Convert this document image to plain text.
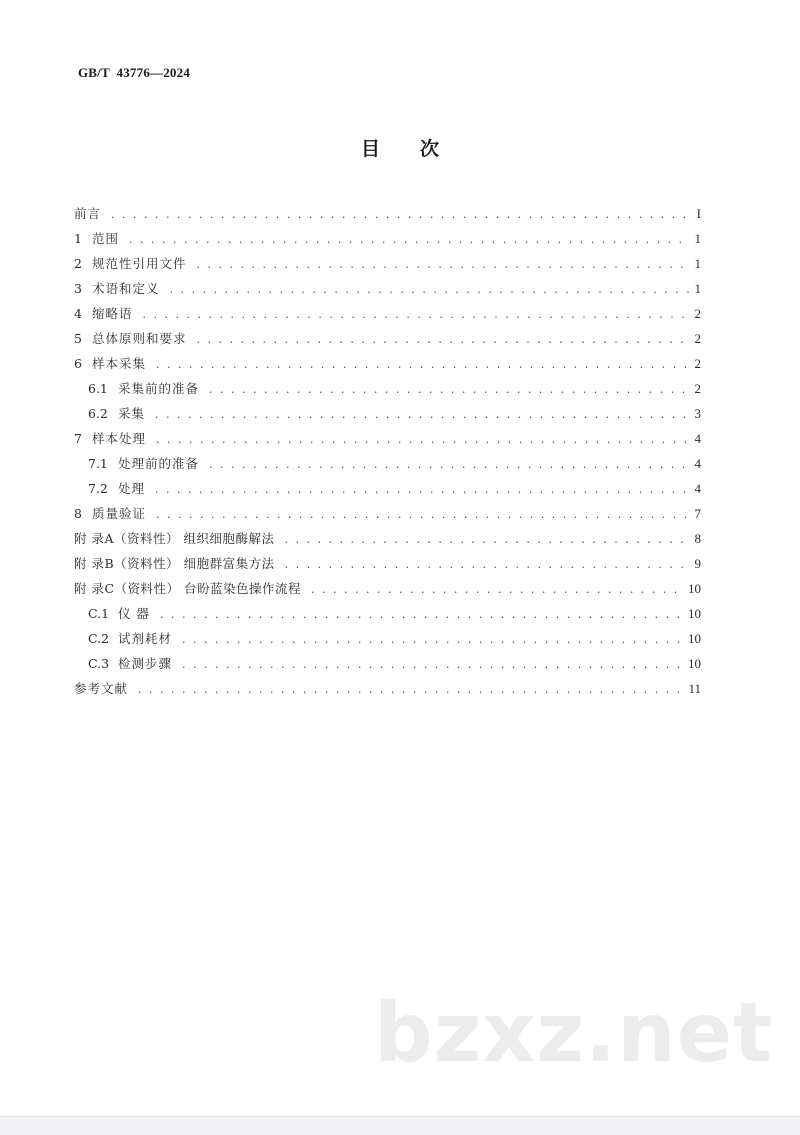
GB/T  43776—2024
目次
前言 . . .	I
1 范围 . . .	1
2 规范性引用文件 . . .	1
3 术语和定义 . . .	1
4 缩略语 . . .	2
5 总体原则和要求 . . .	2
6 样本采集 . . .	2
6.1 采集前的准备 . . .	2
6.2 采集 . . .	3
7 样本处理 . . .	4
7.1 处理前的准备 . . .	4
7.2 处理 . . .	4
8 质量验证 . . .	7
附 录A（资料性） 组织细胞酶解法 . . .	8
附 录B（资料性） 细胞群富集方法 . . .	9
附 录C（资料性） 台盼蓝染色操作流程 . . .	10
C.1 仪 器 . . .	10
C.2 试剂耗材 . . .	10
C.3 检测步骤 . . .	10
参考文献 . . .	11
bzxz.net
